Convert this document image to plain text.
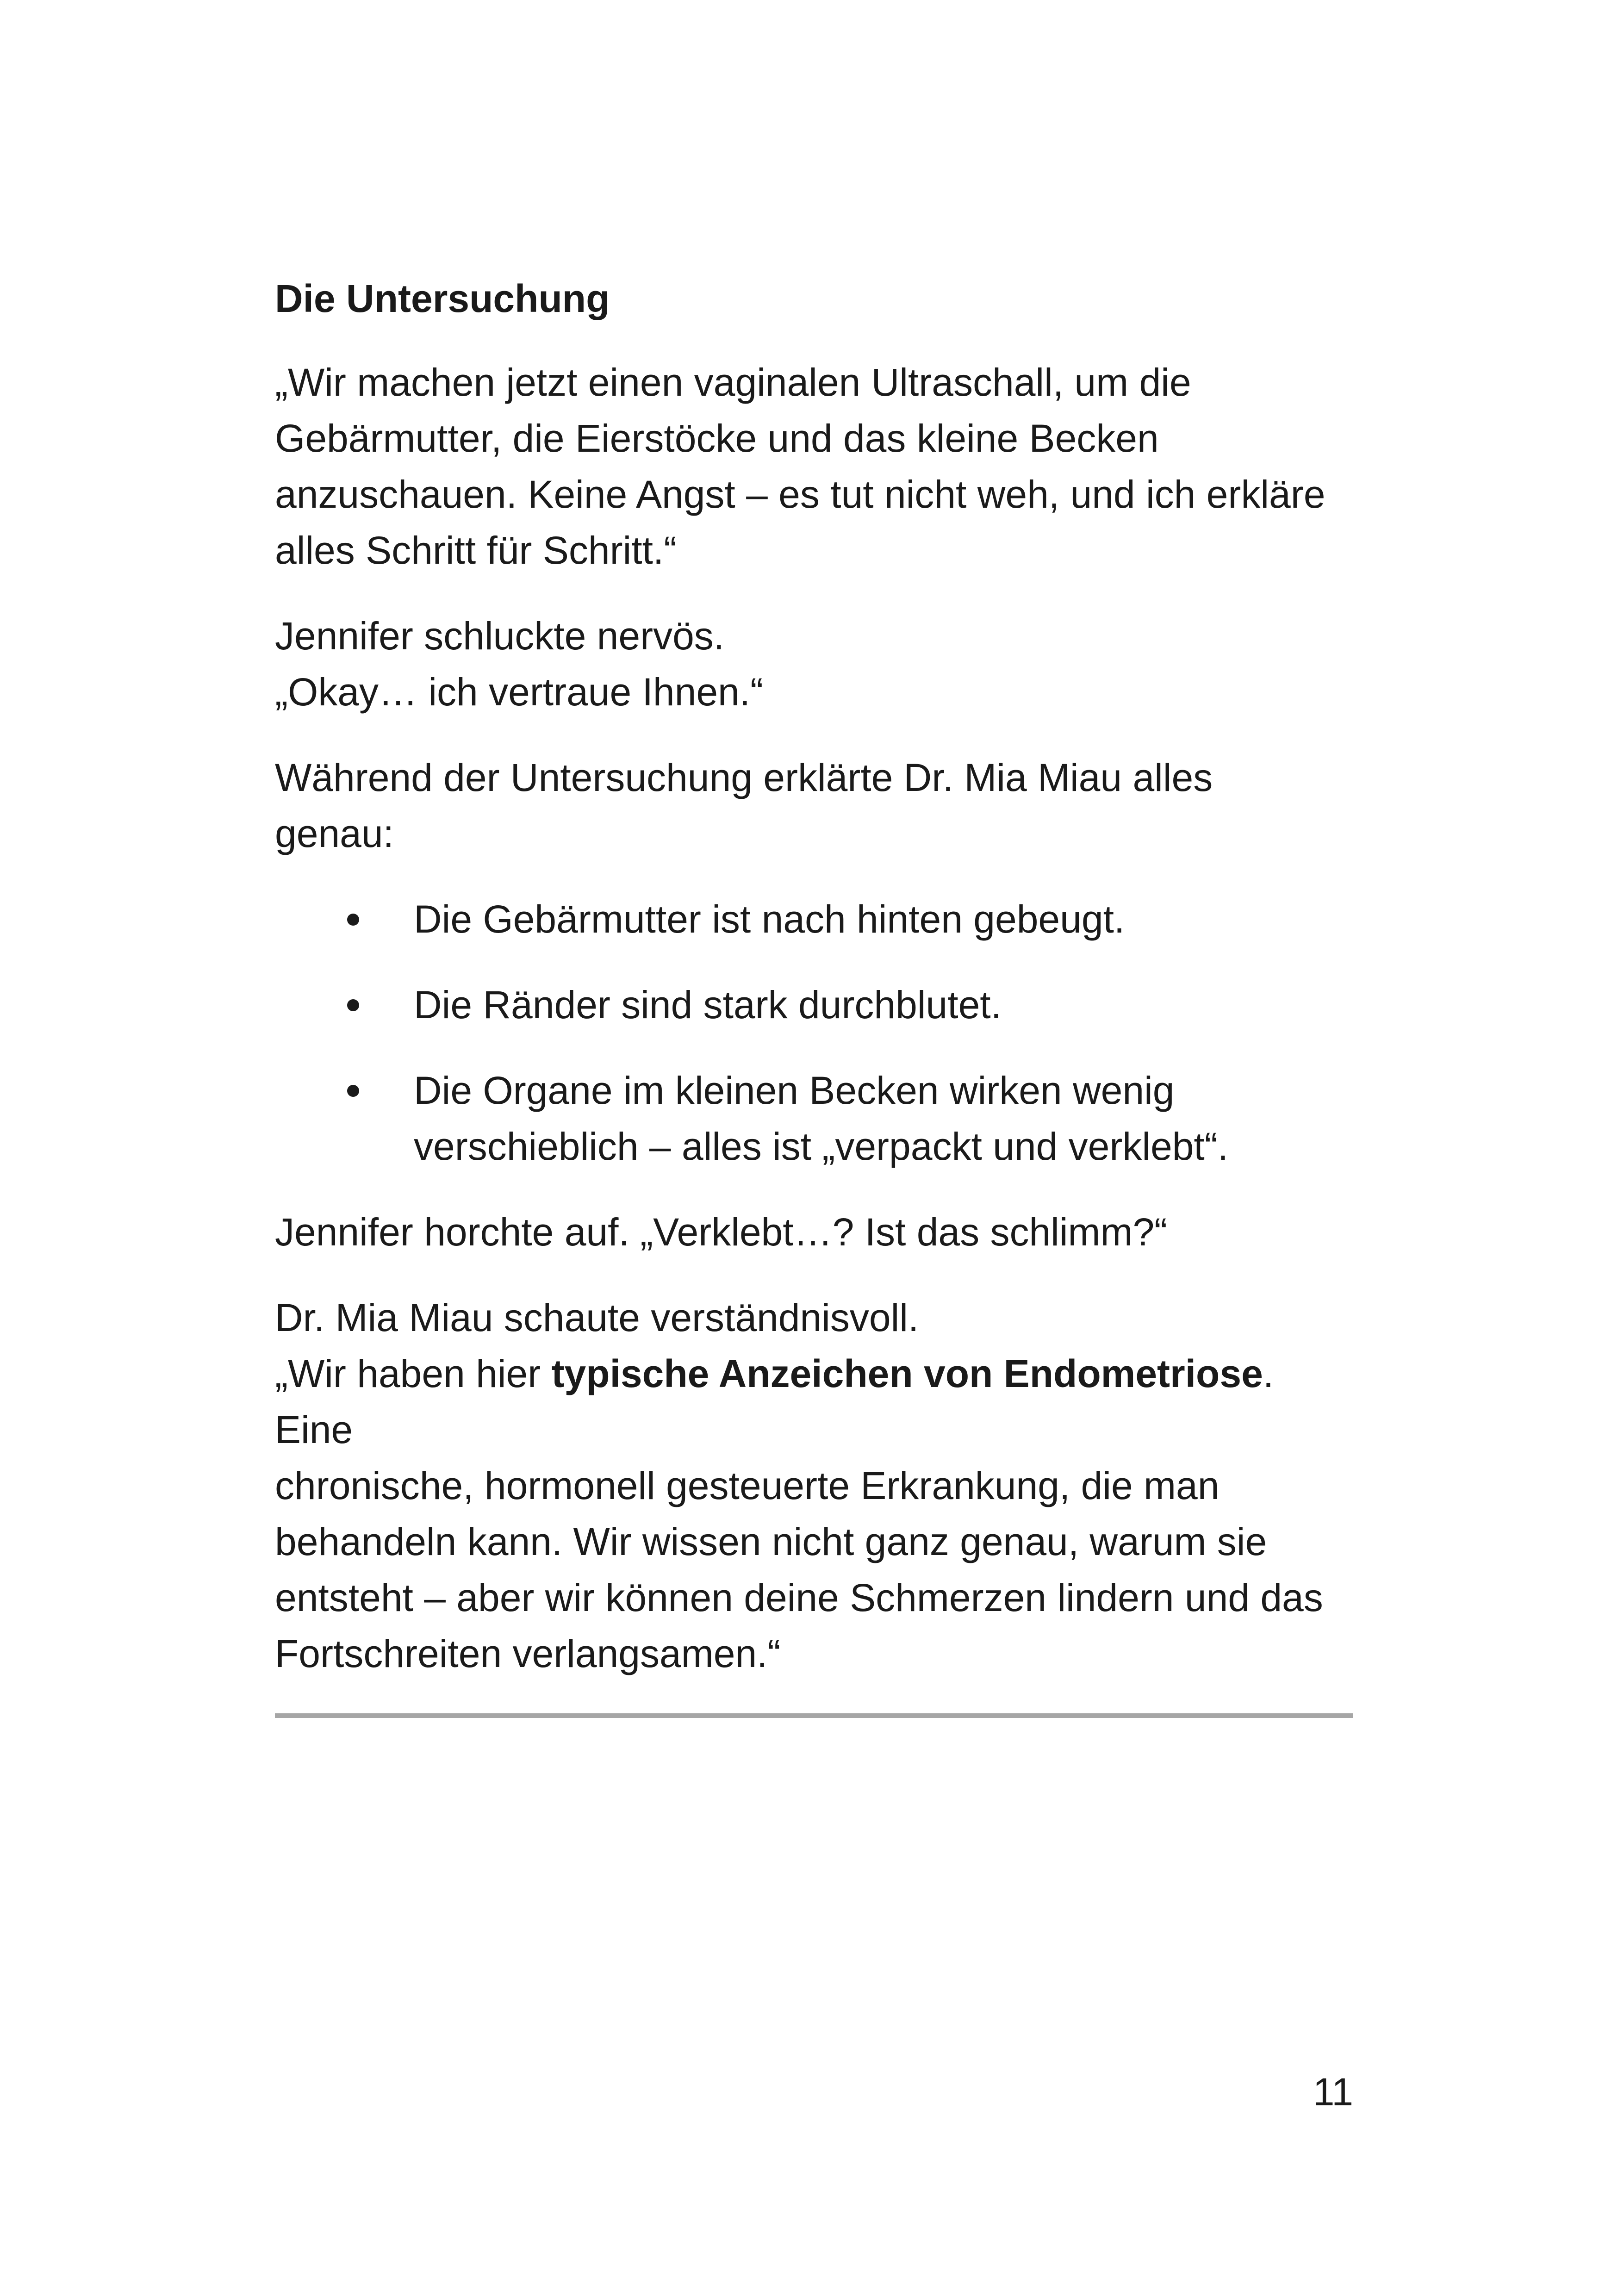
Die Untersuchung
„Wir machen jetzt einen vaginalen Ultraschall, um die
Gebärmutter, die Eierstöcke und das kleine Becken
anzuschauen. Keine Angst – es tut nicht weh, und ich erkläre
alles Schritt für Schritt.“
Jennifer schluckte nervös.
„Okay… ich vertraue Ihnen.“
Während der Untersuchung erklärte Dr. Mia Miau alles
genau:
Die Gebärmutter ist nach hinten gebeugt.
Die Ränder sind stark durchblutet.
Die Organe im kleinen Becken wirken wenig
verschieblich – alles ist „verpackt und verklebt“.
Jennifer horchte auf. „Verklebt…? Ist das schlimm?“
Dr. Mia Miau schaute verständnisvoll.
„Wir haben hier typische Anzeichen von Endometriose. Eine
chronische, hormonell gesteuerte Erkrankung, die man
behandeln kann. Wir wissen nicht ganz genau, warum sie
entsteht – aber wir können deine Schmerzen lindern und das
Fortschreiten verlangsamen.“
11
